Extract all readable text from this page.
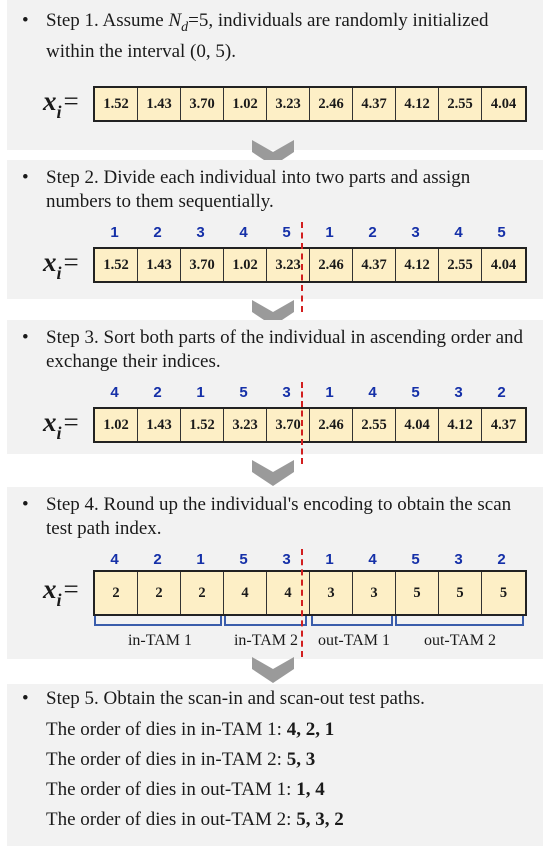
• Step 1. Assume $N_d=5$, individuals are randomly initialized within the interval (0, 5).
$x_i=$	1.52	1.43	3.70	1.02	3.23	2.46	4.37	4.12	2.55	4.04
• Step 2. Divide each individual into two parts and assign numbers to them sequentially.
1	2	3	4	5	1	2	3	4	5
$x_i=$	1.52	1.43	3.70	1.02	3.23	2.46	4.37	4.12	2.55	4.04
• Step 3. Sort both parts of the individual in ascending order and exchange their indices.
4	2	1	5	3	1	4	5	3	2
$x_i=$	1.02	1.43	1.52	3.23	3.70	2.46	2.55	4.04	4.12	4.37
• Step 4. Round up the individual's encoding to obtain the scan test path index.
4	2	1	5	3	1	4	5	3	2
$x_i=$	2	2	2	4	4	3	3	5	5	5
in-TAM 1	in-TAM 2	out-TAM 1	out-TAM 2
• Step 5. Obtain the scan-in and scan-out test paths.
The order of dies in in-TAM 1: 4, 2, 1
The order of dies in in-TAM 2: 5, 3
The order of dies in out-TAM 1: 1, 4
The order of dies in out-TAM 2: 5, 3, 2
